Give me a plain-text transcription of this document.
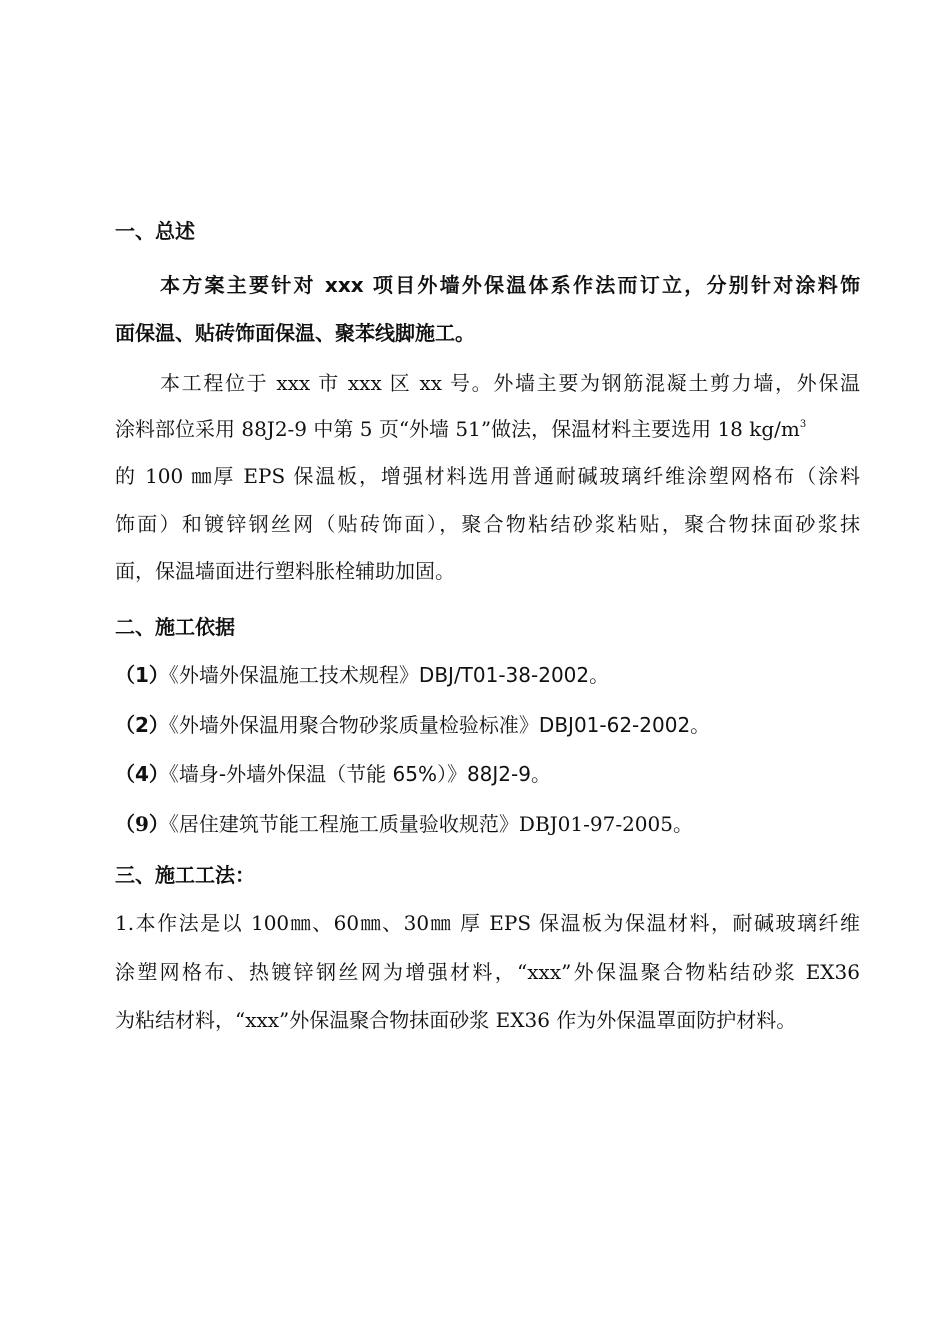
一、总述
本方案主要针对 xxx 项目外墙外保温体系作法而订立，分别针对涂料饰
面保温、贴砖饰面保温、聚苯线脚施工。
本工程位于 xxx 市 xxx 区 xx 号。外墙主要为钢筋混凝土剪力墙，外保温
涂料部位采用 88J2-9 中第 5 页“外墙 51”做法，保温材料主要选用 18 $kg/m^3$
的 100 ㎜厚 EPS 保温板，增强材料选用普通耐碱玻璃纤维涂塑网格布（涂料
饰面）和镀锌钢丝网（贴砖饰面），聚合物粘结砂浆粘贴，聚合物抹面砂浆抹
面，保温墙面进行塑料胀栓辅助加固。
二、施工依据
（1）《外墙外保温施工技术规程》DBJ/T01-38-2002。
（2）《外墙外保温用聚合物砂浆质量检验标准》DBJ01-62-2002。
（4）《墙身-外墙外保温（节能 65%）》88J2-9。
（9）《居住建筑节能工程施工质量验收规范》DBJ01-97-2005。
三、施工工法：
1.本作法是以 100㎜、60㎜、30㎜ 厚 EPS 保温板为保温材料，耐碱玻璃纤维
涂塑网格布、热镀锌钢丝网为增强材料，“xxx”外保温聚合物粘结砂浆 EX36
为粘结材料，“xxx”外保温聚合物抹面砂浆 EX36 作为外保温罩面防护材料。
